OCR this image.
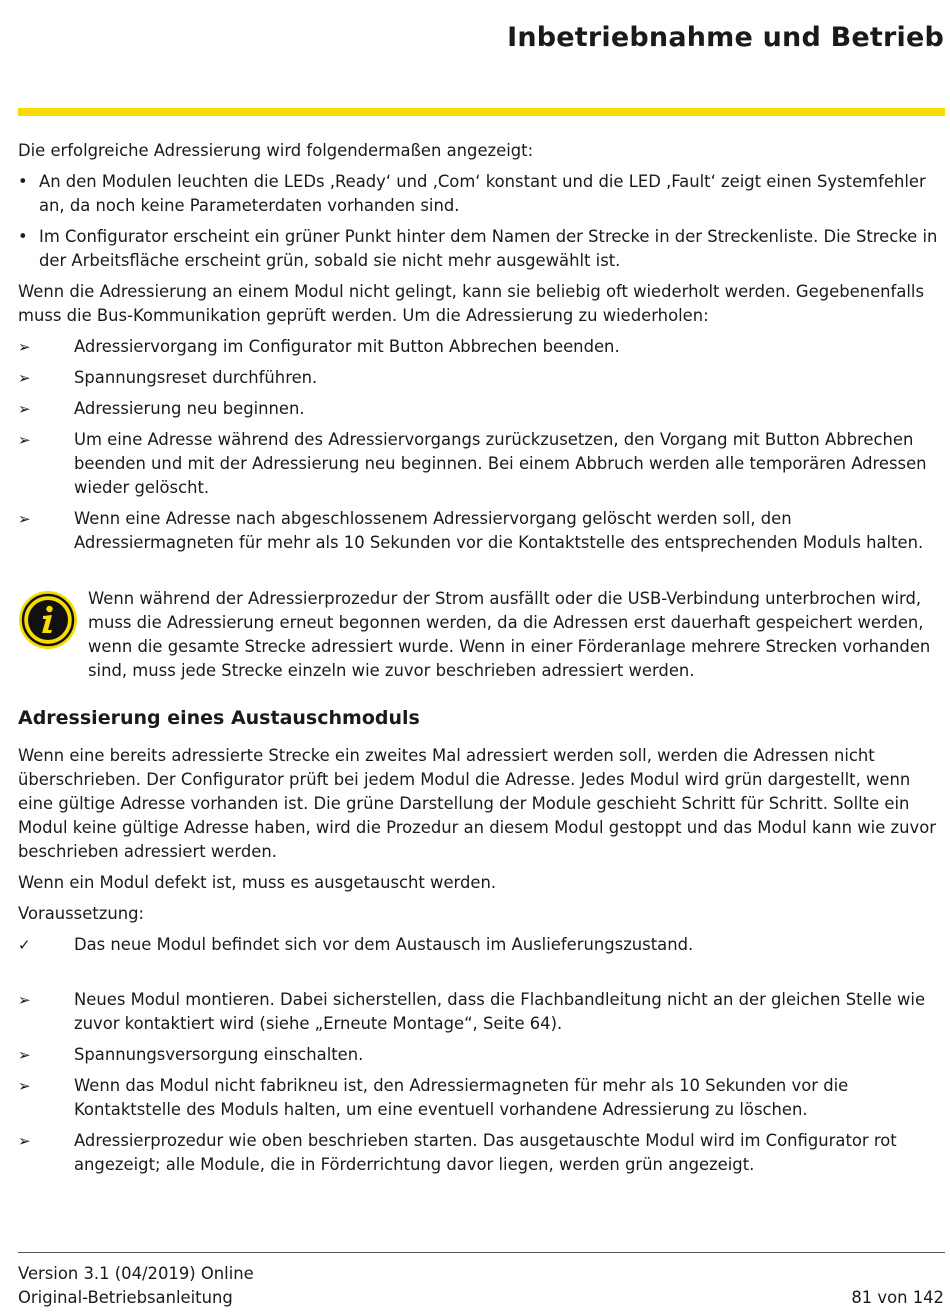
Inbetriebnahme und Betrieb

Die erfolgreiche Adressierung wird folgendermaßen angezeigt:

• An den Modulen leuchten die LEDs ‚Ready‘ und ‚Com‘ konstant und die LED ‚Fault‘ zeigt einen Systemfehler an, da noch keine Parameterdaten vorhanden sind.
• Im Configurator erscheint ein grüner Punkt hinter dem Namen der Strecke in der Streckenliste. Die Strecke in der Arbeitsfläche erscheint grün, sobald sie nicht mehr ausgewählt ist.

Wenn die Adressierung an einem Modul nicht gelingt, kann sie beliebig oft wiederholt werden. Gegebenenfalls muss die Bus-Kommunikation geprüft werden. Um die Adressierung zu wiederholen:

➢	Adressiervorgang im Configurator mit Button Abbrechen beenden.
➢	Spannungsreset durchführen.
➢	Adressierung neu beginnen.
➢	Um eine Adresse während des Adressiervorgangs zurückzusetzen, den Vorgang mit Button Abbrechen beenden und mit der Adressierung neu beginnen. Bei einem Abbruch werden alle temporären Adressen wieder gelöscht.
➢	Wenn eine Adresse nach abgeschlossenem Adressiervorgang gelöscht werden soll, den Adressiermagneten für mehr als 10 Sekunden vor die Kontaktstelle des entsprechenden Moduls halten.
Wenn während der Adressierprozedur der Strom ausfällt oder die USB-Verbindung unterbrochen wird, muss die Adressierung erneut begonnen werden, da die Adressen erst dauerhaft gespeichert werden, wenn die gesamte Strecke adressiert wurde. Wenn in einer Förderanlage mehrere Strecken vorhanden sind, muss jede Strecke einzeln wie zuvor beschrieben adressiert werden.
Adressierung eines Austauschmoduls

Wenn eine bereits adressierte Strecke ein zweites Mal adressiert werden soll, werden die Adressen nicht überschrieben. Der Configurator prüft bei jedem Modul die Adresse. Jedes Modul wird grün dargestellt, wenn eine gültige Adresse vorhanden ist. Die grüne Darstellung der Module geschieht Schritt für Schritt. Sollte ein Modul keine gültige Adresse haben, wird die Prozedur an diesem Modul gestoppt und das Modul kann wie zuvor beschrieben adressiert werden.

Wenn ein Modul defekt ist, muss es ausgetauscht werden.

Voraussetzung:

✓	Das neue Modul befindet sich vor dem Austausch im Auslieferungszustand.
➢	Neues Modul montieren. Dabei sicherstellen, dass die Flachbandleitung nicht an der gleichen Stelle wie zuvor kontaktiert wird (siehe „Erneute Montage“, Seite 64).
➢	Spannungsversorgung einschalten.
➢	Wenn das Modul nicht fabrikneu ist, den Adressiermagneten für mehr als 10 Sekunden vor die Kontaktstelle des Moduls halten, um eine eventuell vorhandene Adressierung zu löschen.
➢	Adressierprozedur wie oben beschrieben starten. Das ausgetauschte Modul wird im Configurator rot angezeigt; alle Module, die in Förderrichtung davor liegen, werden grün angezeigt.
Version 3.1 (04/2019) Online
Original-Betriebsanleitung	81 von 142
